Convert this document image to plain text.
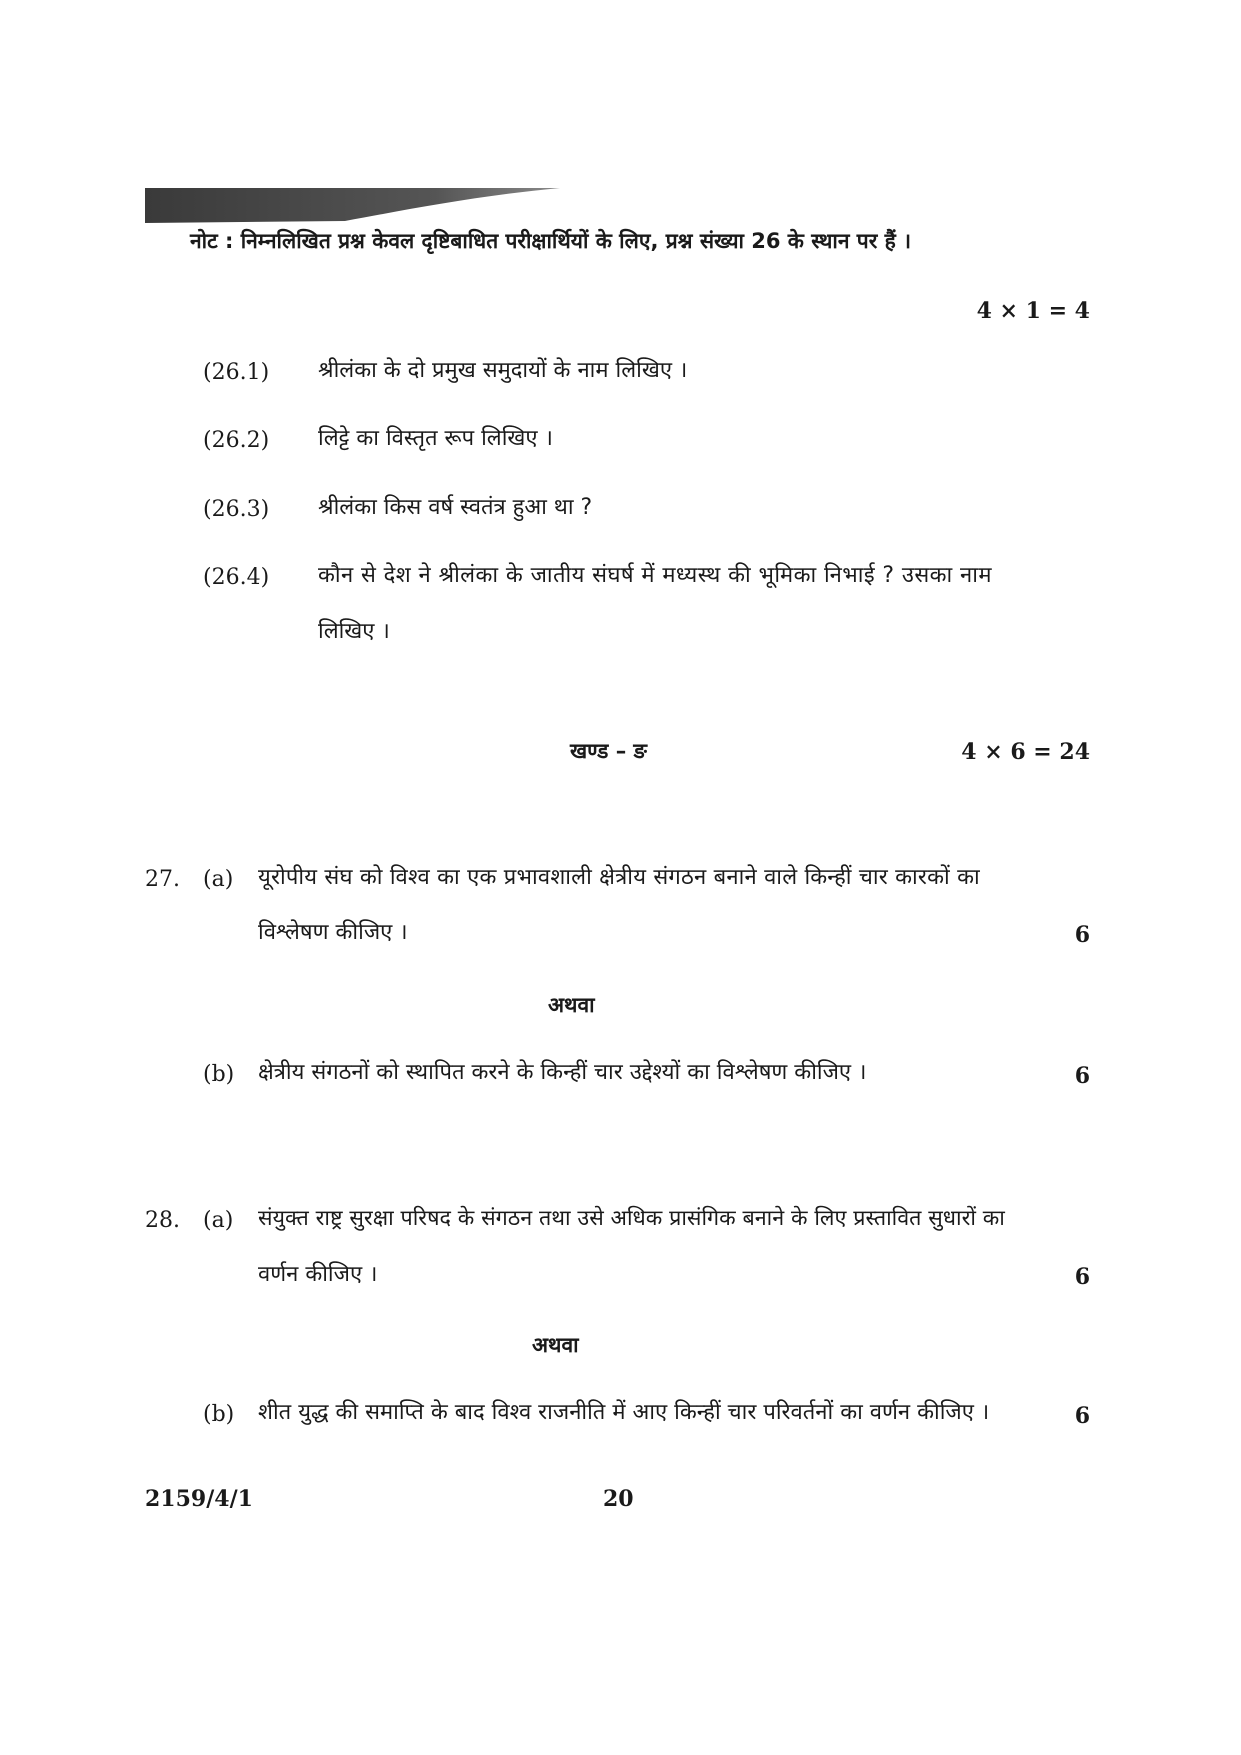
नोट : निम्नलिखित प्रश्न केवल दृष्टिबाधित परीक्षार्थियों के लिए, प्रश्न संख्या 26 के स्थान पर हैं ।
4 × 1 = 4
(26.1) श्रीलंका के दो प्रमुख समुदायों के नाम लिखिए ।
(26.2) लिट्टे का विस्तृत रूप लिखिए ।
(26.3) श्रीलंका किस वर्ष स्वतंत्र हुआ था ?
(26.4) कौन से देश ने श्रीलंका के जातीय संघर्ष में मध्यस्थ की भूमिका निभाई ? उसका नाम
लिखिए ।
खण्ड – ङ	4 × 6 = 24
27. (a) यूरोपीय संघ को विश्व का एक प्रभावशाली क्षेत्रीय संगठन बनाने वाले किन्हीं चार कारकों का
विश्लेषण कीजिए ।	6
अथवा
(b) क्षेत्रीय संगठनों को स्थापित करने के किन्हीं चार उद्देश्यों का विश्लेषण कीजिए ।	6
28. (a) संयुक्त राष्ट्र सुरक्षा परिषद के संगठन तथा उसे अधिक प्रासंगिक बनाने के लिए प्रस्तावित सुधारों का
वर्णन कीजिए ।	6
अथवा
(b) शीत युद्ध की समाप्ति के बाद विश्व राजनीति में आए किन्हीं चार परिवर्तनों का वर्णन कीजिए ।	6
2159/4/1	20
